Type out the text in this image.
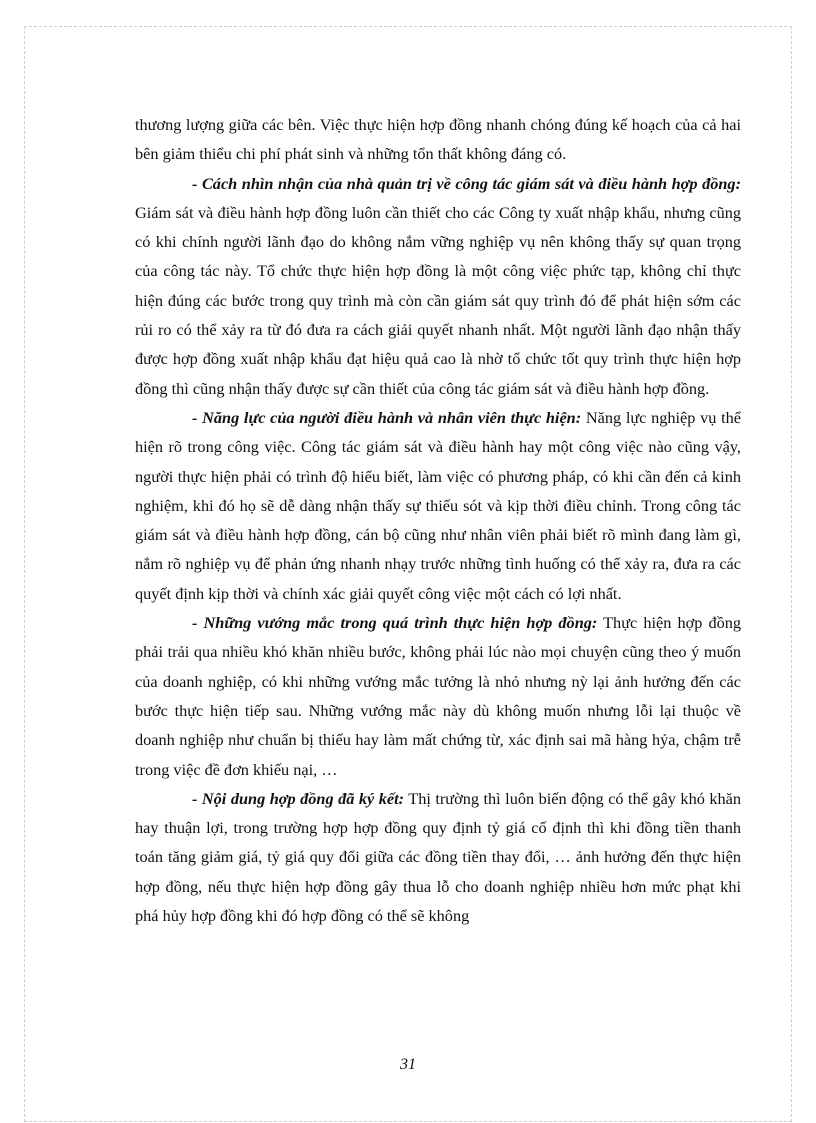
thương lượng giữa các bên. Việc thực hiện hợp đồng nhanh chóng đúng kế hoạch của cả hai bên giảm thiểu chi phí phát sinh và những tổn thất không đáng có.

- Cách nhìn nhận của nhà quản trị về công tác giám sát và điều hành hợp đồng: Giám sát và điều hành hợp đồng luôn cần thiết cho các Công ty xuất nhập khẩu, nhưng cũng có khi chính người lãnh đạo do không nắm vững nghiệp vụ nên không thấy sự quan trọng của công tác này. Tổ chức thực hiện hợp đồng là một công việc phức tạp, không chỉ thực hiện đúng các bước trong quy trình mà còn cần giám sát quy trình đó để phát hiện sớm các rủi ro có thể xảy ra từ đó đưa ra cách giải quyết nhanh nhất. Một người lãnh đạo nhận thấy được hợp đồng xuất nhập khẩu đạt hiệu quả cao là nhờ tổ chức tốt quy trình thực hiện hợp đồng thì cũng nhận thấy được sự cần thiết của công tác giám sát và điều hành hợp đồng.

- Năng lực của người điều hành và nhân viên thực hiện: Năng lực nghiệp vụ thể hiện rõ trong công việc. Công tác giám sát và điều hành hay một công việc nào cũng vậy, người thực hiện phải có trình độ hiểu biết, làm việc có phương pháp, có khi cần đến cả kinh nghiệm, khi đó họ sẽ dễ dàng nhận thấy sự thiếu sót và kịp thời điều chỉnh. Trong công tác giám sát và điều hành hợp đồng, cán bộ cũng như nhân viên phải biết rõ mình đang làm gì, nắm rõ nghiệp vụ để phản ứng nhanh nhạy trước những tình huống có thể xảy ra, đưa ra các quyết định kịp thời và chính xác giải quyết công việc một cách có lợi nhất.

- Những vướng mắc trong quá trình thực hiện hợp đồng: Thực hiện hợp đồng phải trải qua nhiều khó khăn nhiều bước, không phải lúc nào mọi chuyện cũng theo ý muốn của doanh nghiệp, có khi những vướng mắc tưởng là nhỏ nhưng nỳ lại ảnh hưởng đến các bước thực hiện tiếp sau. Những vướng mắc này dù không muốn nhưng lỗi lại thuộc về doanh nghiệp như chuẩn bị thiếu hay làm mất chứng từ, xác định sai mã hàng hỷa, chậm trễ trong việc đề đơn khiếu nại, …

- Nội dung hợp đồng đã ký kết: Thị trường thì luôn biến động có thể gây khó khăn hay thuận lợi, trong trường hợp hợp đồng quy định tỷ giá cố định thì khi đồng tiền thanh toán tăng giảm giá, tỷ giá quy đổi giữa các đồng tiền thay đổi, … ảnh hưởng đến thực hiện hợp đồng, nếu thực hiện hợp đồng gây thua lỗ cho doanh nghiệp nhiều hơn mức phạt khi phá hủy hợp đồng khi đó hợp đồng có thể sẽ không

31
